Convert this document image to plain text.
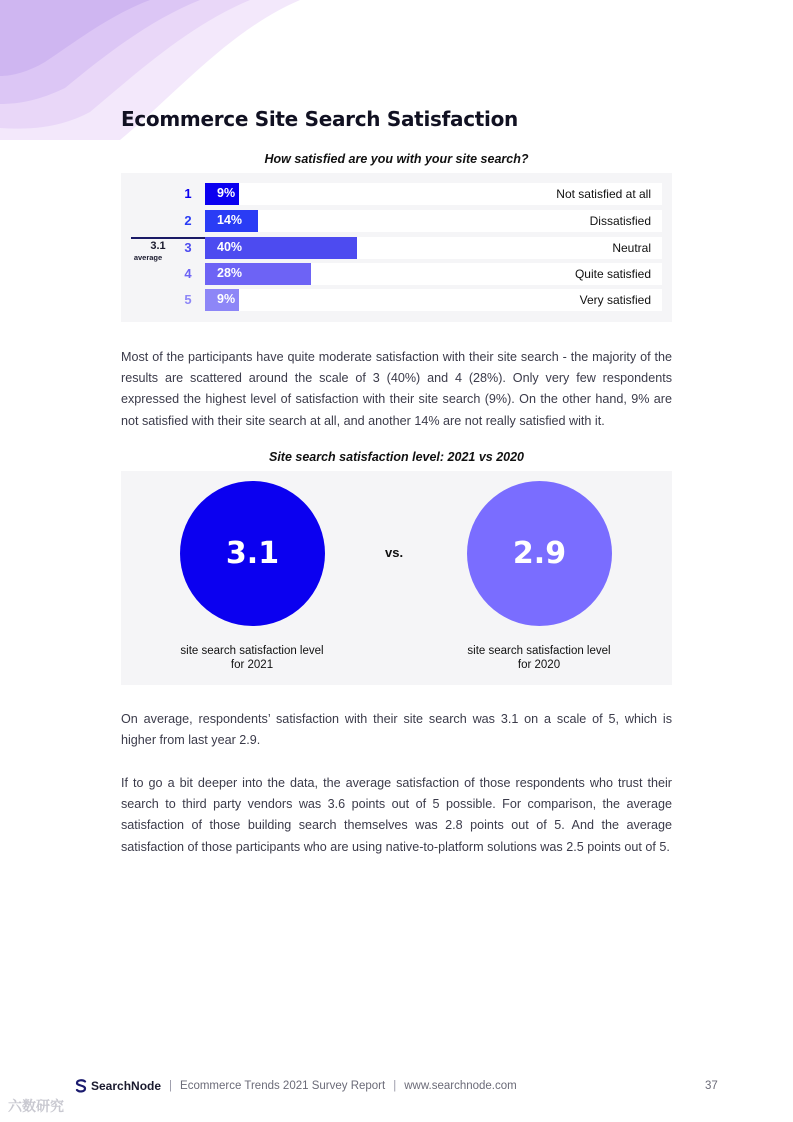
Ecommerce Site Search Satisfaction
How satisfied are you with your site search?
3.1
average
1	9%	Not satisfied at all
2	14%	Dissatisfied
3	40%	Neutral
4	28%	Quite satisfied
5	9%	Very satisfied

Most of the participants have quite moderate satisfaction with their site search - the majority of the results are scattered around the scale of 3 (40%) and 4 (28%). Only very few respondents expressed the highest level of satisfaction with their site search (9%). On the other hand, 9% are not satisfied with their site search at all, and another 14% are not really satisfied with it.

Site search satisfaction level: 2021 vs 2020
3.1	vs.	2.9
site search satisfaction level
for 2021
site search satisfaction level
for 2020

On average, respondents’ satisfaction with their site search was 3.1 on a scale of 5, which is higher from last year 2.9.

If to go a bit deeper into the data, the average satisfaction of those respondents who trust their search to third party vendors was 3.6 points out of 5 possible. For comparison, the average satisfaction of those building search themselves was 2.8 points out of 5. And the average satisfaction of those participants who are using native-to-platform solutions was 2.5 points out of 5.

SearchNode | Ecommerce Trends 2021 Survey Report | www.searchnode.com	37
六数研究
